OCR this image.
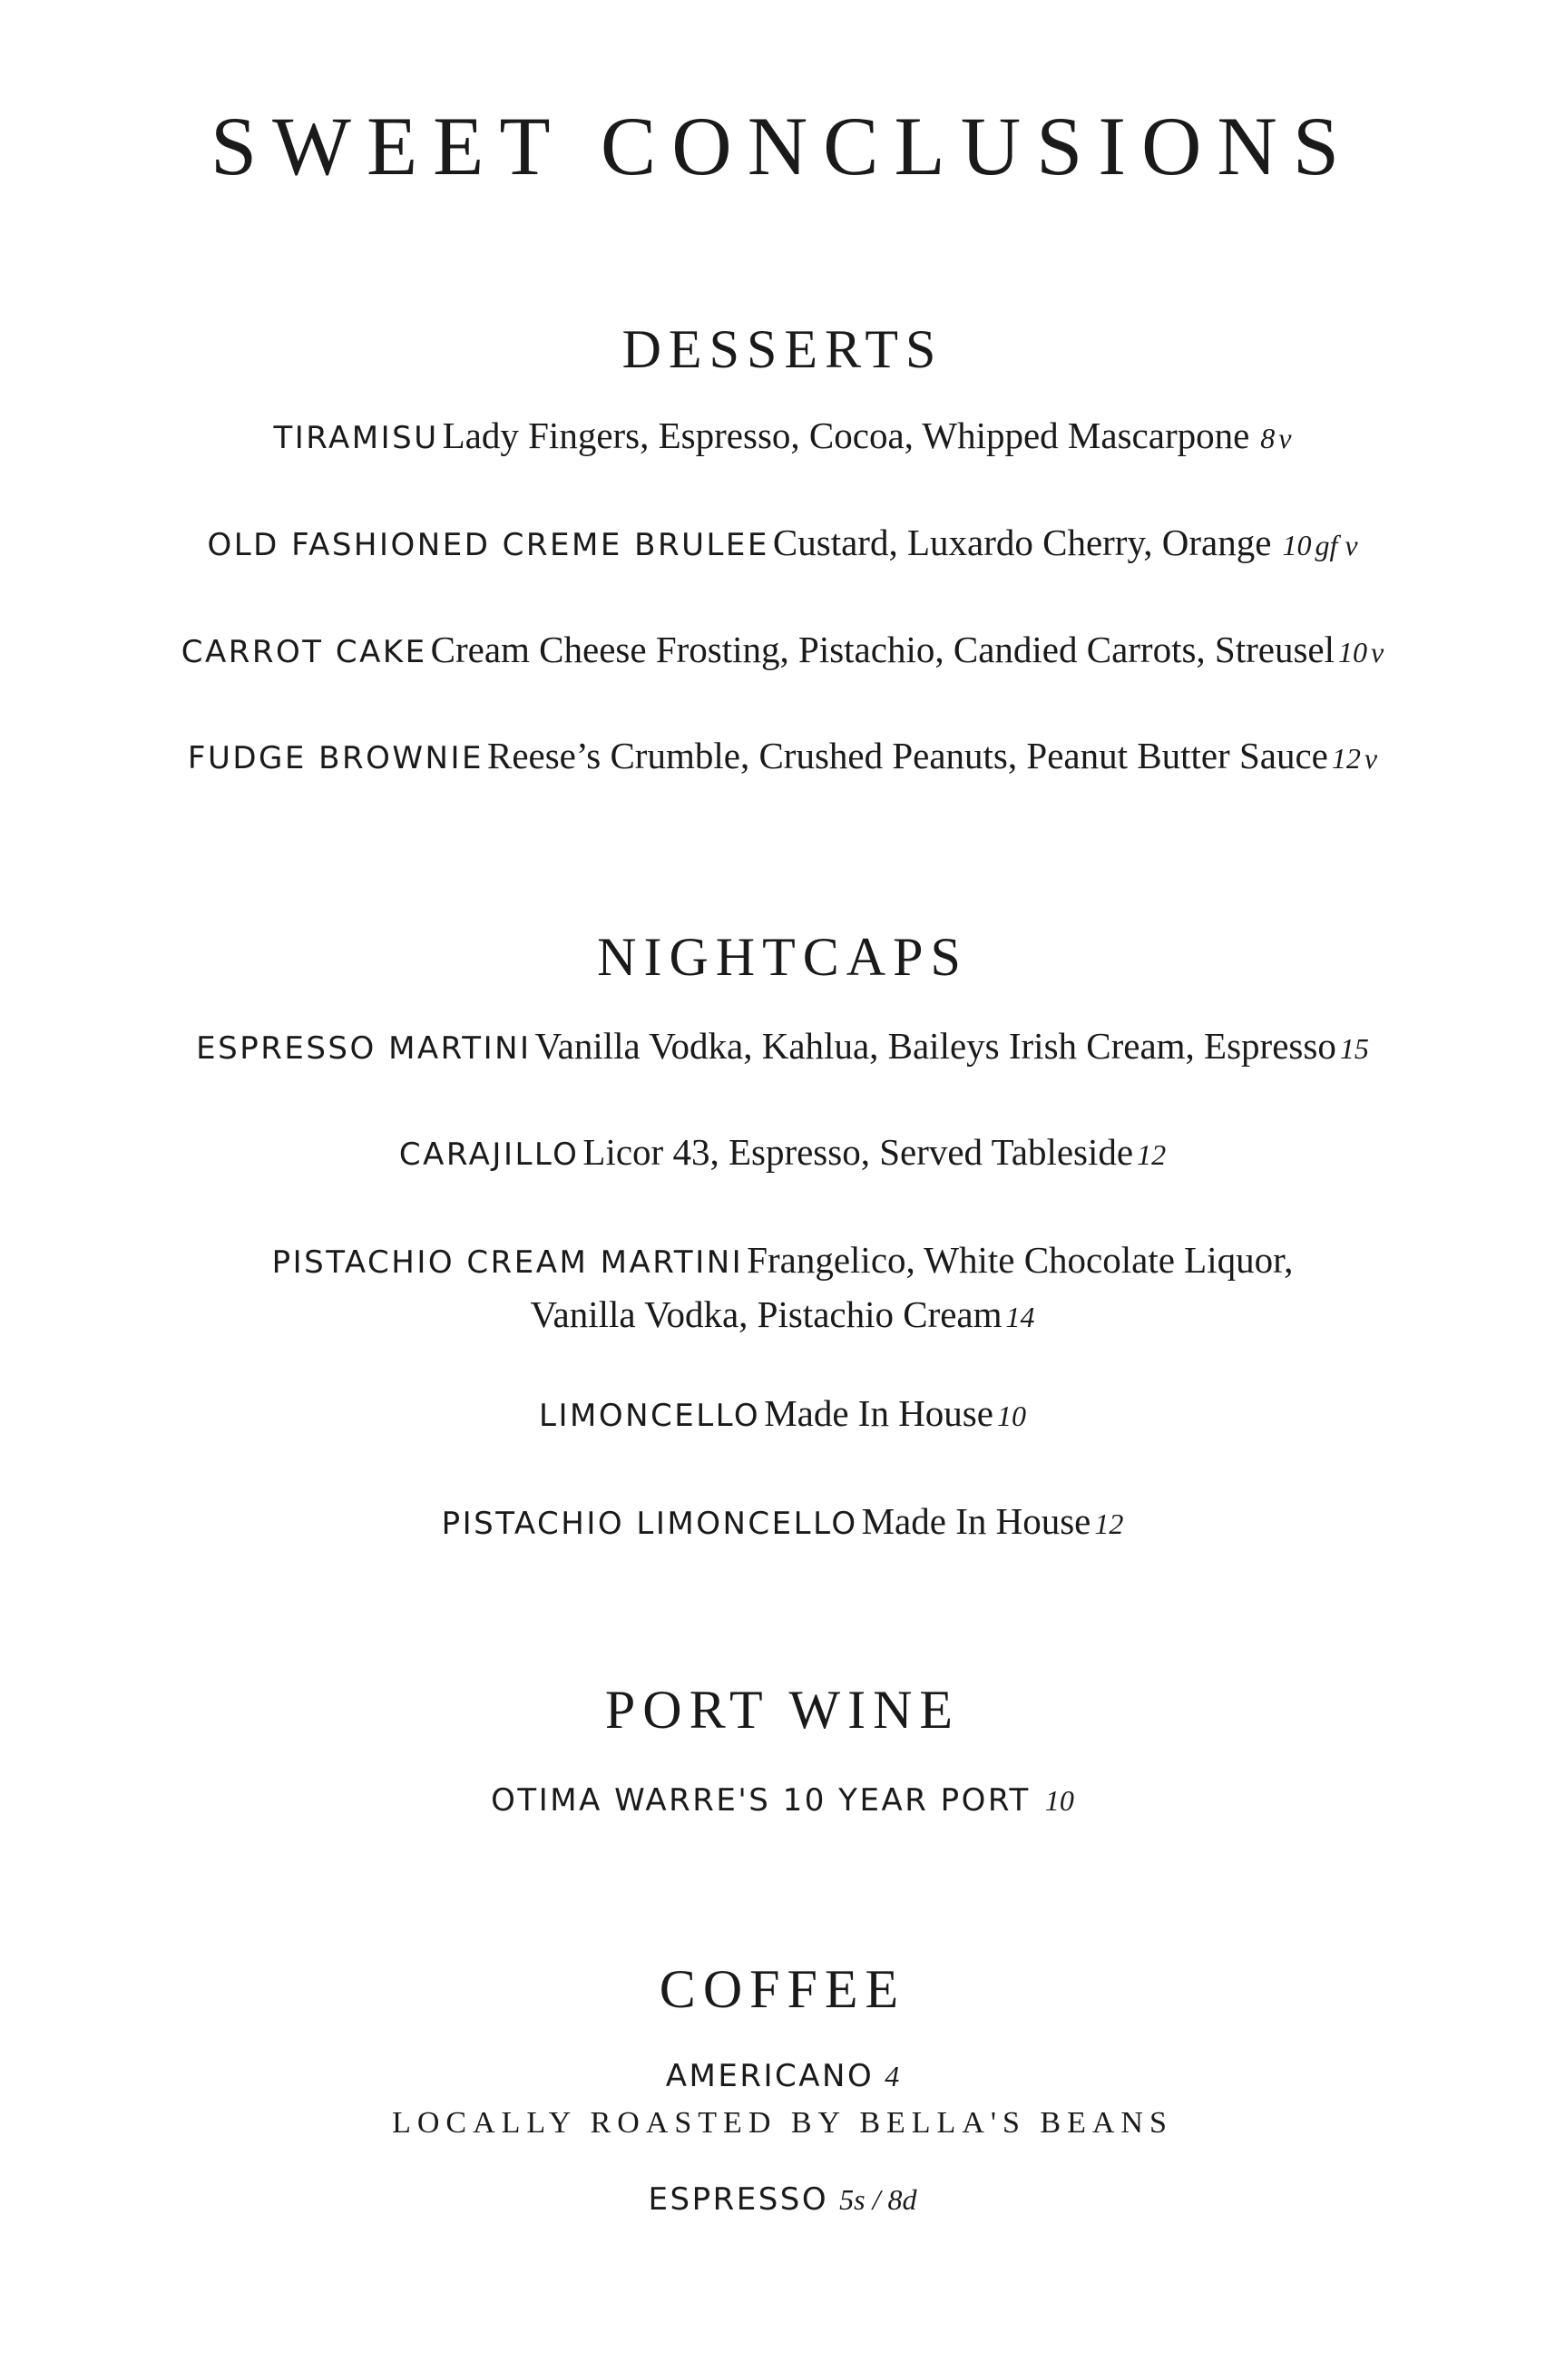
SWEET CONCLUSIONS
DESSERTS
TIRAMISU Lady Fingers, Espresso, Cocoa, Whipped Mascarpone 8 v
OLD FASHIONED CREME BRULEE Custard, Luxardo Cherry, Orange 10 gf v
CARROT CAKE Cream Cheese Frosting, Pistachio, Candied Carrots, Streusel 10 v
FUDGE BROWNIE Reese’s Crumble, Crushed Peanuts, Peanut Butter Sauce 12 v
NIGHTCAPS
ESPRESSO MARTINI Vanilla Vodka, Kahlua, Baileys Irish Cream, Espresso 15
CARAJILLO Licor 43, Espresso, Served Tableside 12
PISTACHIO CREAM MARTINI Frangelico, White Chocolate Liquor,
Vanilla Vodka, Pistachio Cream 14
LIMONCELLO Made In House 10
PISTACHIO LIMONCELLO Made In House 12
PORT WINE
OTIMA WARRE'S 10 YEAR PORT 10
COFFEE
AMERICANO 4
LOCALLY ROASTED BY BELLA'S BEANS
ESPRESSO 5s / 8d
